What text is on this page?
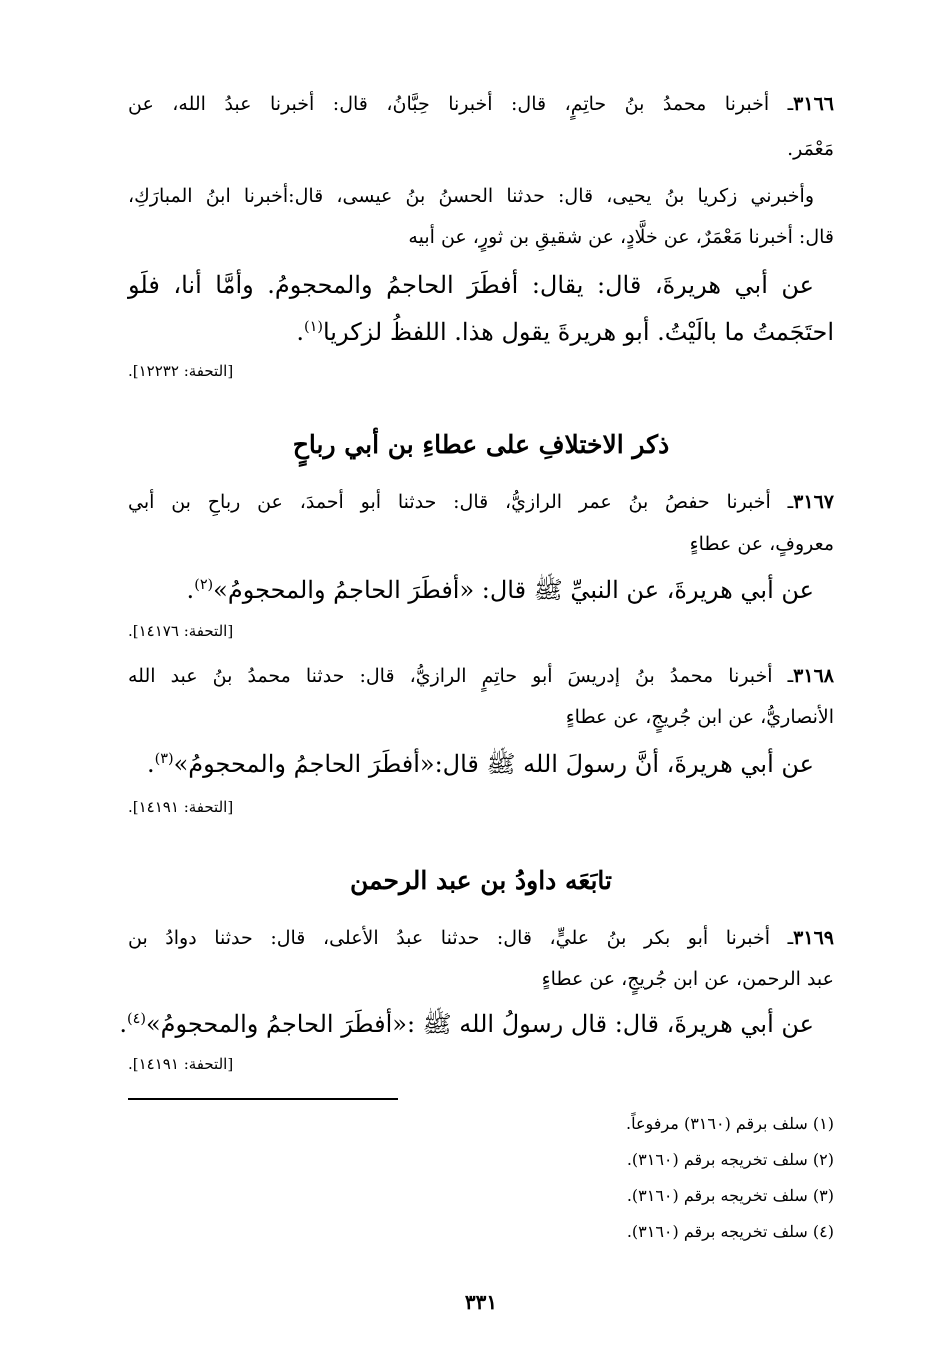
٣١٦٦ـ أخبرنا محمدُ بنُ حاتِمٍ، قال: أخبرنا حِبَّانُ، قال: أخبرنا عبدُ الله، عن
مَعْمَر.
وأخبرني زكريا بنُ يحيى، قال: حدثنا الحسنُ بنُ عيسى، قال:أخبرنا ابنُ المبارَكِ،
قال: أخبرنا مَعْمَرٌ، عن خلَّادٍ، عن شقيقِ بن ثورٍ، عن أبيه
عن أبي هريرةَ، قال: يقال: أفطَرَ الحاجمُ والمحجومُ. وأمَّا أنا، فلَو
احتَجَمتُ ما بالَيْتُ. أبو هريرةَ يقول هذا. اللفظُ لزكريا$^{(١)}$.
[التحفة: ١٢٢٣٢].
ذكر الاختلافِ على عطاءِ بن أبي رباحٍ
٣١٦٧ـ أخبرنا حفصُ بنُ عمر الرازيُّ، قال: حدثنا أبو أحمدَ، عن رباحِ بن أبي
معروفٍ، عن عطاءٍ
عن أبي هريرةَ، عن النبيِّ ﷺ قال: «أفطَرَ الحاجمُ والمحجومُ»$^{(٢)}$.
[التحفة: ١٤١٧٦].
٣١٦٨ـ أخبرنا محمدُ بنُ إدريسَ أبو حاتِمٍ الرازيُّ، قال: حدثنا محمدُ بنُ عبد الله
الأنصاريُّ، عن ابن جُريجٍ، عن عطاءٍ
عن أبي هريرةَ، أنَّ رسولَ الله ﷺ قال:«أفطَرَ الحاجمُ والمحجومُ»$^{(٣)}$.
[التحفة: ١٤١٩١].
تابَعَه داودُ بن عبد الرحمن
٣١٦٩ـ أخبرنا أبو بكر بنُ عليٍّ، قال: حدثنا عبدُ الأعلى، قال: حدثنا دوادُ بن
عبد الرحمن، عن ابن جُريجٍ، عن عطاءٍ
عن أبي هريرةَ، قال: قال رسولُ الله ﷺ :«أفطَرَ الحاجمُ والمحجومُ»$^{(٤)}$.
[التحفة: ١٤١٩١].
(١) سلف برقم (٣١٦٠) مرفوعاً.
(٢) سلف تخريجه برقم (٣١٦٠).
(٣) سلف تخريجه برقم (٣١٦٠).
(٤) سلف تخريجه برقم (٣١٦٠).
٣٣١
